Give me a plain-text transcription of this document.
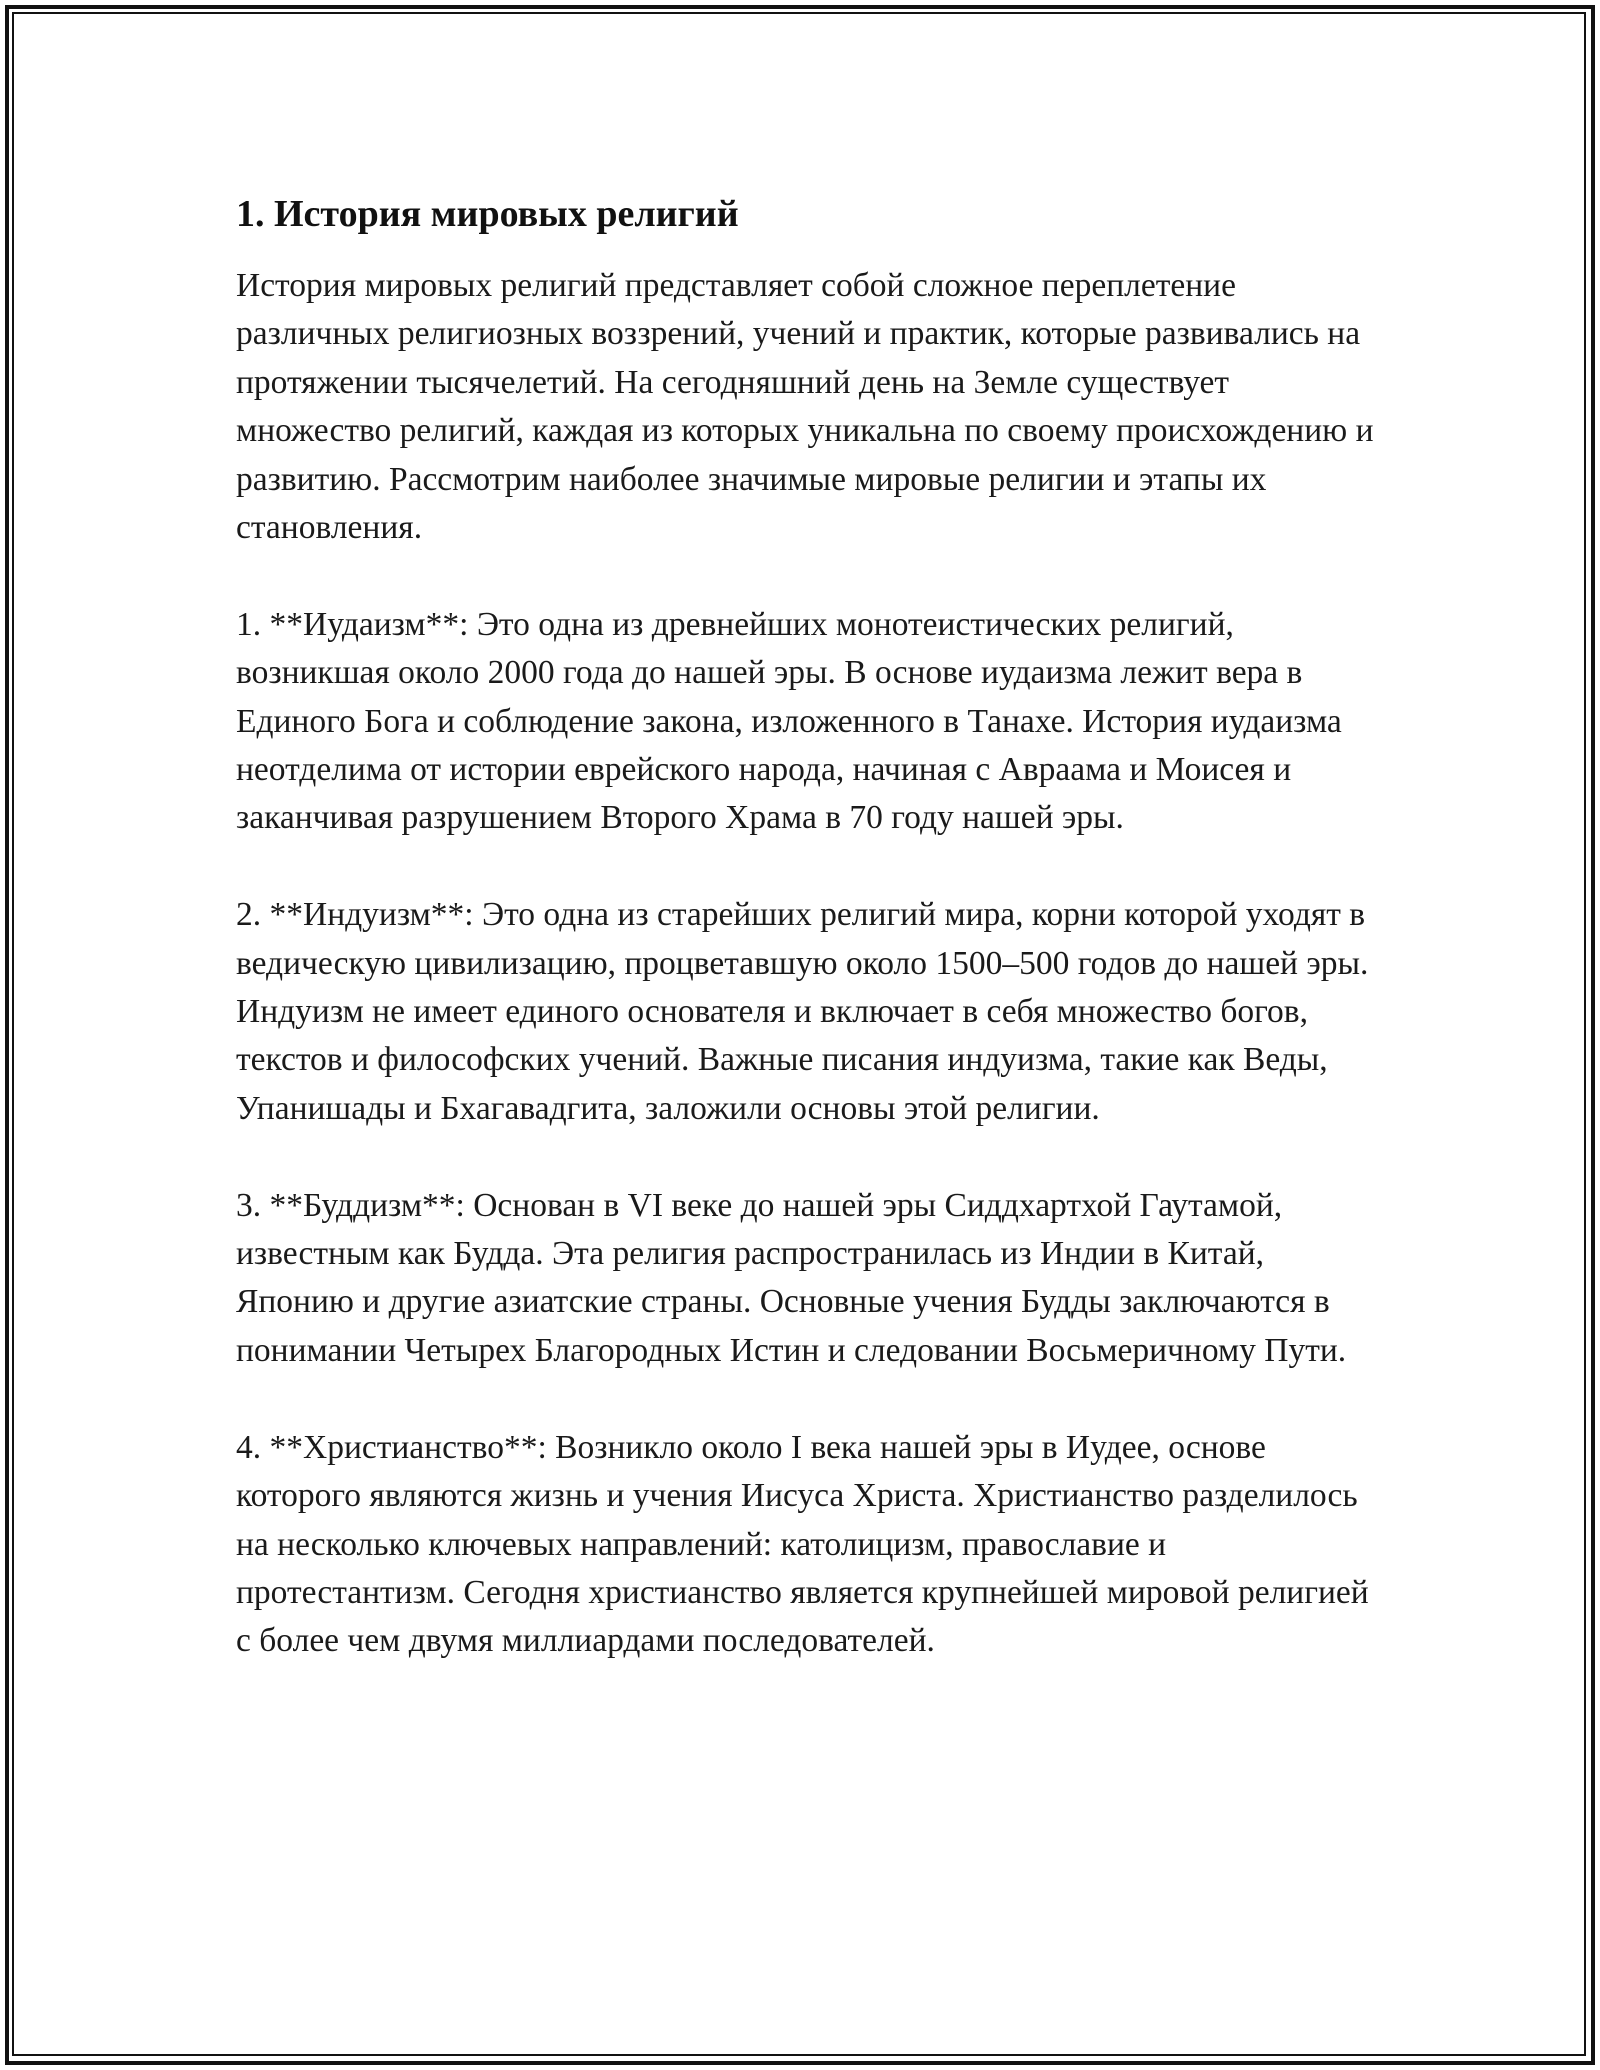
1. История мировых религий

История мировых религий представляет собой сложное переплетение различных религиозных воззрений, учений и практик, которые развивались на протяжении тысячелетий. На сегодняшний день на Земле существует множество религий, каждая из которых уникальна по своему происхождению и развитию. Рассмотрим наиболее значимые мировые религии и этапы их становления.

1. **Иудаизм**: Это одна из древнейших монотеистических религий, возникшая около 2000 года до нашей эры. В основе иудаизма лежит вера в Единого Бога и соблюдение закона, изложенного в Танахе. История иудаизма неотделима от истории еврейского народа, начиная с Авраама и Моисея и заканчивая разрушением Второго Храма в 70 году нашей эры.

2. **Индуизм**: Это одна из старейших религий мира, корни которой уходят в ведическую цивилизацию, процветавшую около 1500–500 годов до нашей эры. Индуизм не имеет единого основателя и включает в себя множество богов, текстов и философских учений. Важные писания индуизма, такие как Веды, Упанишады и Бхагавадгита, заложили основы этой религии.

3. **Буддизм**: Основан в VI веке до нашей эры Сиддхартхой Гаутамой, известным как Будда. Эта религия распространилась из Индии в Китай, Японию и другие азиатские страны. Основные учения Будды заключаются в понимании Четырех Благородных Истин и следовании Восьмеричному Пути.

4. **Христианство**: Возникло около I века нашей эры в Иудее, основе которого являются жизнь и учения Иисуса Христа. Христианство разделилось на несколько ключевых направлений: католицизм, православие и протестантизм. Сегодня христианство является крупнейшей мировой религией с более чем двумя миллиардами последователей.
